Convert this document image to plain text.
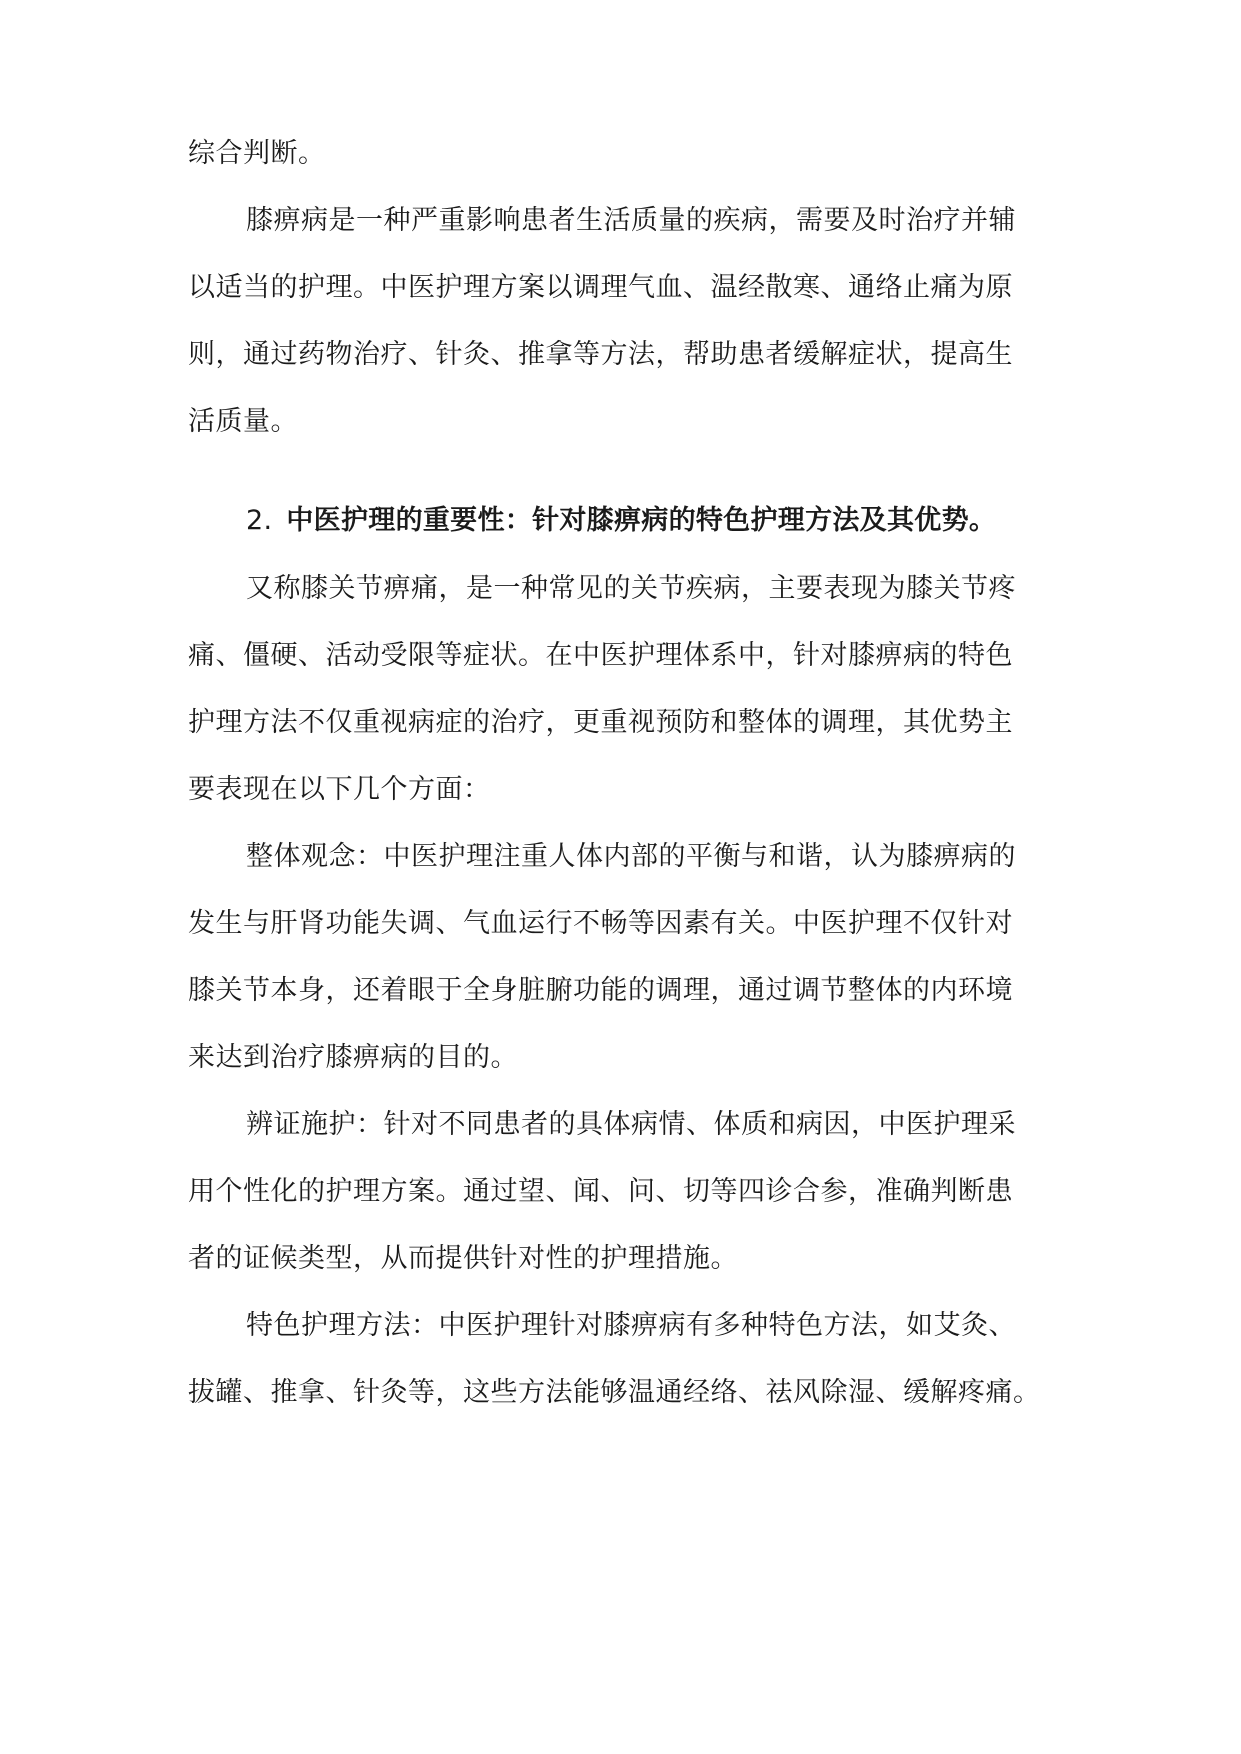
综合判断。
膝痹病是一种严重影响患者生活质量的疾病，需要及时治疗并辅
以适当的护理。中医护理方案以调理气血、温经散寒、通络止痛为原
则，通过药物治疗、针灸、推拿等方法，帮助患者缓解症状，提高生
活质量。
2. 中医护理的重要性：针对膝痹病的特色护理方法及其优势。
又称膝关节痹痛，是一种常见的关节疾病，主要表现为膝关节疼
痛、僵硬、活动受限等症状。在中医护理体系中，针对膝痹病的特色
护理方法不仅重视病症的治疗，更重视预防和整体的调理，其优势主
要表现在以下几个方面：
整体观念：中医护理注重人体内部的平衡与和谐，认为膝痹病的
发生与肝肾功能失调、气血运行不畅等因素有关。中医护理不仅针对
膝关节本身，还着眼于全身脏腑功能的调理，通过调节整体的内环境
来达到治疗膝痹病的目的。
辨证施护：针对不同患者的具体病情、体质和病因，中医护理采
用个性化的护理方案。通过望、闻、问、切等四诊合参，准确判断患
者的证候类型，从而提供针对性的护理措施。
特色护理方法：中医护理针对膝痹病有多种特色方法，如艾灸、
拔罐、推拿、针灸等，这些方法能够温通经络、祛风除湿、缓解疼痛。
